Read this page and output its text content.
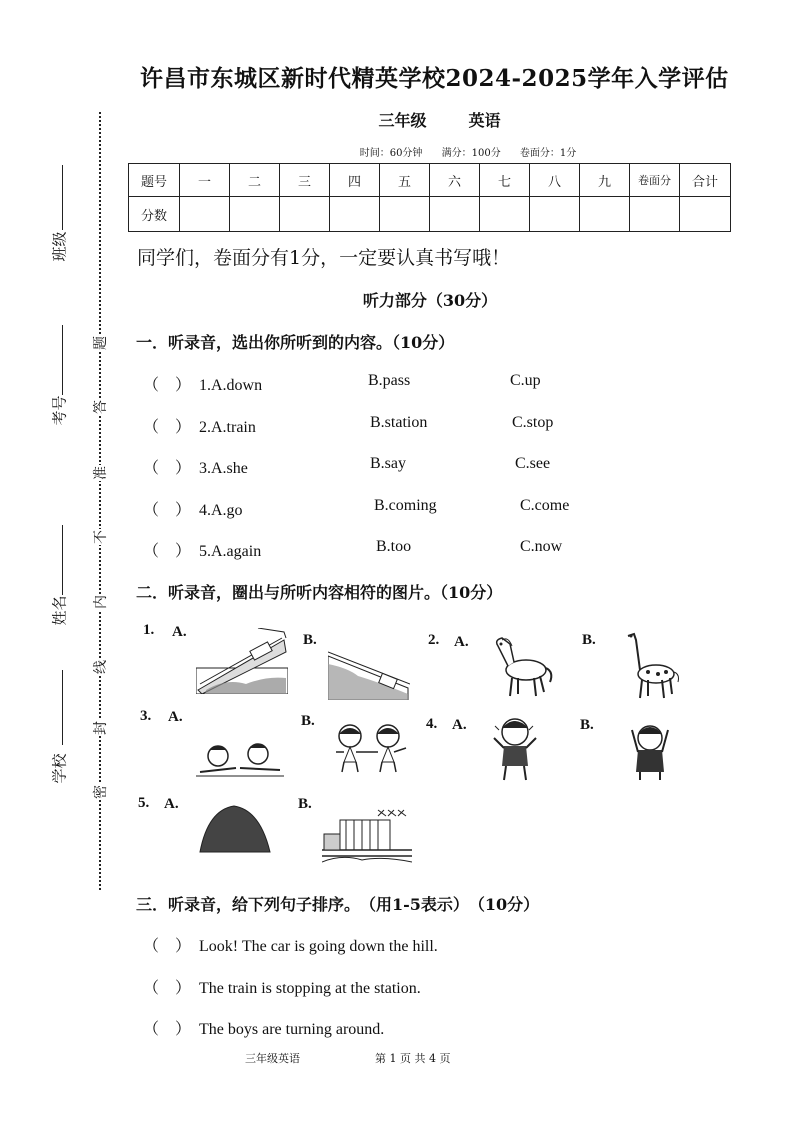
班级
考号
姓名
学校
题
答
准
不
内
线
封
密
许昌市东城区新时代精英学校2024-2025学年入学评估
三年级	英语
时间：60分钟 满分：100分 卷面分：1分
题号	一	二	三	四	五	六	七	八	九	卷面分	合计
分数											
同学们，卷面分有1分，一定要认真书写哦！
听力部分（30分）
一．听录音，选出你所听到的内容。（10分）
（　） 1.A.down	B.pass	C.up
（　） 2.A.train	B.station	C.stop
（　） 3.A.she	B.say	C.see
（　） 4.A.go	B.coming	C.come
（　） 5.A.again	B.too	C.now
二．听录音，圈出与所听内容相符的图片。（10分）
1. A.	B.	2. A.	B.
3. A.	B.	4. A.	B.
5. A.	B.
三．听录音，给下列句子排序。　（用1-5表示）　（10分）
（　） Look! The car is going down the hill.
（　） The train is stopping at the station.
（　） The boys are turning around.
三年级英语	第 1 页 共 4 页
